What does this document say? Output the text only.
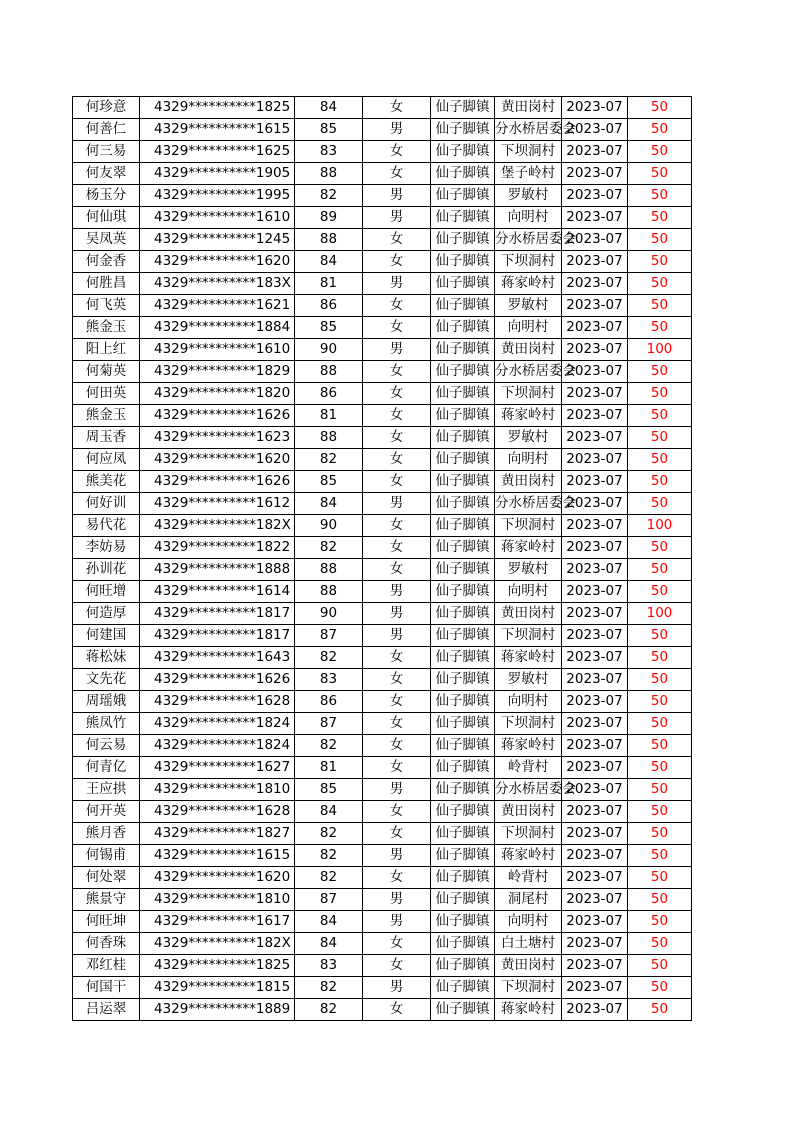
何珍意	4329**********1825	84	女	仙子脚镇	黄田岗村	2023-07	50
何善仁	4329**********1615	85	男	仙子脚镇	分水桥居委会	2023-07	50
何三易	4329**********1625	83	女	仙子脚镇	下坝洞村	2023-07	50
何友翠	4329**********1905	88	女	仙子脚镇	堡子岭村	2023-07	50
杨玉分	4329**********1995	82	男	仙子脚镇	罗敏村	2023-07	50
何仙琪	4329**********1610	89	男	仙子脚镇	向明村	2023-07	50
吴凤英	4329**********1245	88	女	仙子脚镇	分水桥居委会	2023-07	50
何金香	4329**********1620	84	女	仙子脚镇	下坝洞村	2023-07	50
何胜昌	4329**********183X	81	男	仙子脚镇	蒋家岭村	2023-07	50
何飞英	4329**********1621	86	女	仙子脚镇	罗敏村	2023-07	50
熊金玉	4329**********1884	85	女	仙子脚镇	向明村	2023-07	50
阳上红	4329**********1610	90	男	仙子脚镇	黄田岗村	2023-07	100
何菊英	4329**********1829	88	女	仙子脚镇	分水桥居委会	2023-07	50
何田英	4329**********1820	86	女	仙子脚镇	下坝洞村	2023-07	50
熊金玉	4329**********1626	81	女	仙子脚镇	蒋家岭村	2023-07	50
周玉香	4329**********1623	88	女	仙子脚镇	罗敏村	2023-07	50
何应凤	4329**********1620	82	女	仙子脚镇	向明村	2023-07	50
熊美花	4329**********1626	85	女	仙子脚镇	黄田岗村	2023-07	50
何好训	4329**********1612	84	男	仙子脚镇	分水桥居委会	2023-07	50
易代花	4329**********182X	90	女	仙子脚镇	下坝洞村	2023-07	100
李妨易	4329**********1822	82	女	仙子脚镇	蒋家岭村	2023-07	50
孙训花	4329**********1888	88	女	仙子脚镇	罗敏村	2023-07	50
何旺增	4329**********1614	88	男	仙子脚镇	向明村	2023-07	50
何造厚	4329**********1817	90	男	仙子脚镇	黄田岗村	2023-07	100
何建国	4329**********1817	87	男	仙子脚镇	下坝洞村	2023-07	50
蒋松妹	4329**********1643	82	女	仙子脚镇	蒋家岭村	2023-07	50
文先花	4329**********1626	83	女	仙子脚镇	罗敏村	2023-07	50
周瑶娥	4329**********1628	86	女	仙子脚镇	向明村	2023-07	50
熊凤竹	4329**********1824	87	女	仙子脚镇	下坝洞村	2023-07	50
何云易	4329**********1824	82	女	仙子脚镇	蒋家岭村	2023-07	50
何青亿	4329**********1627	81	女	仙子脚镇	岭背村	2023-07	50
王应拱	4329**********1810	85	男	仙子脚镇	分水桥居委会	2023-07	50
何开英	4329**********1628	84	女	仙子脚镇	黄田岗村	2023-07	50
熊月香	4329**********1827	82	女	仙子脚镇	下坝洞村	2023-07	50
何锡甫	4329**********1615	82	男	仙子脚镇	蒋家岭村	2023-07	50
何处翠	4329**********1620	82	女	仙子脚镇	岭背村	2023-07	50
熊景守	4329**********1810	87	男	仙子脚镇	洞尾村	2023-07	50
何旺坤	4329**********1617	84	男	仙子脚镇	向明村	2023-07	50
何香珠	4329**********182X	84	女	仙子脚镇	白土塘村	2023-07	50
邓红桂	4329**********1825	83	女	仙子脚镇	黄田岗村	2023-07	50
何国干	4329**********1815	82	男	仙子脚镇	下坝洞村	2023-07	50
吕运翠	4329**********1889	82	女	仙子脚镇	蒋家岭村	2023-07	50
